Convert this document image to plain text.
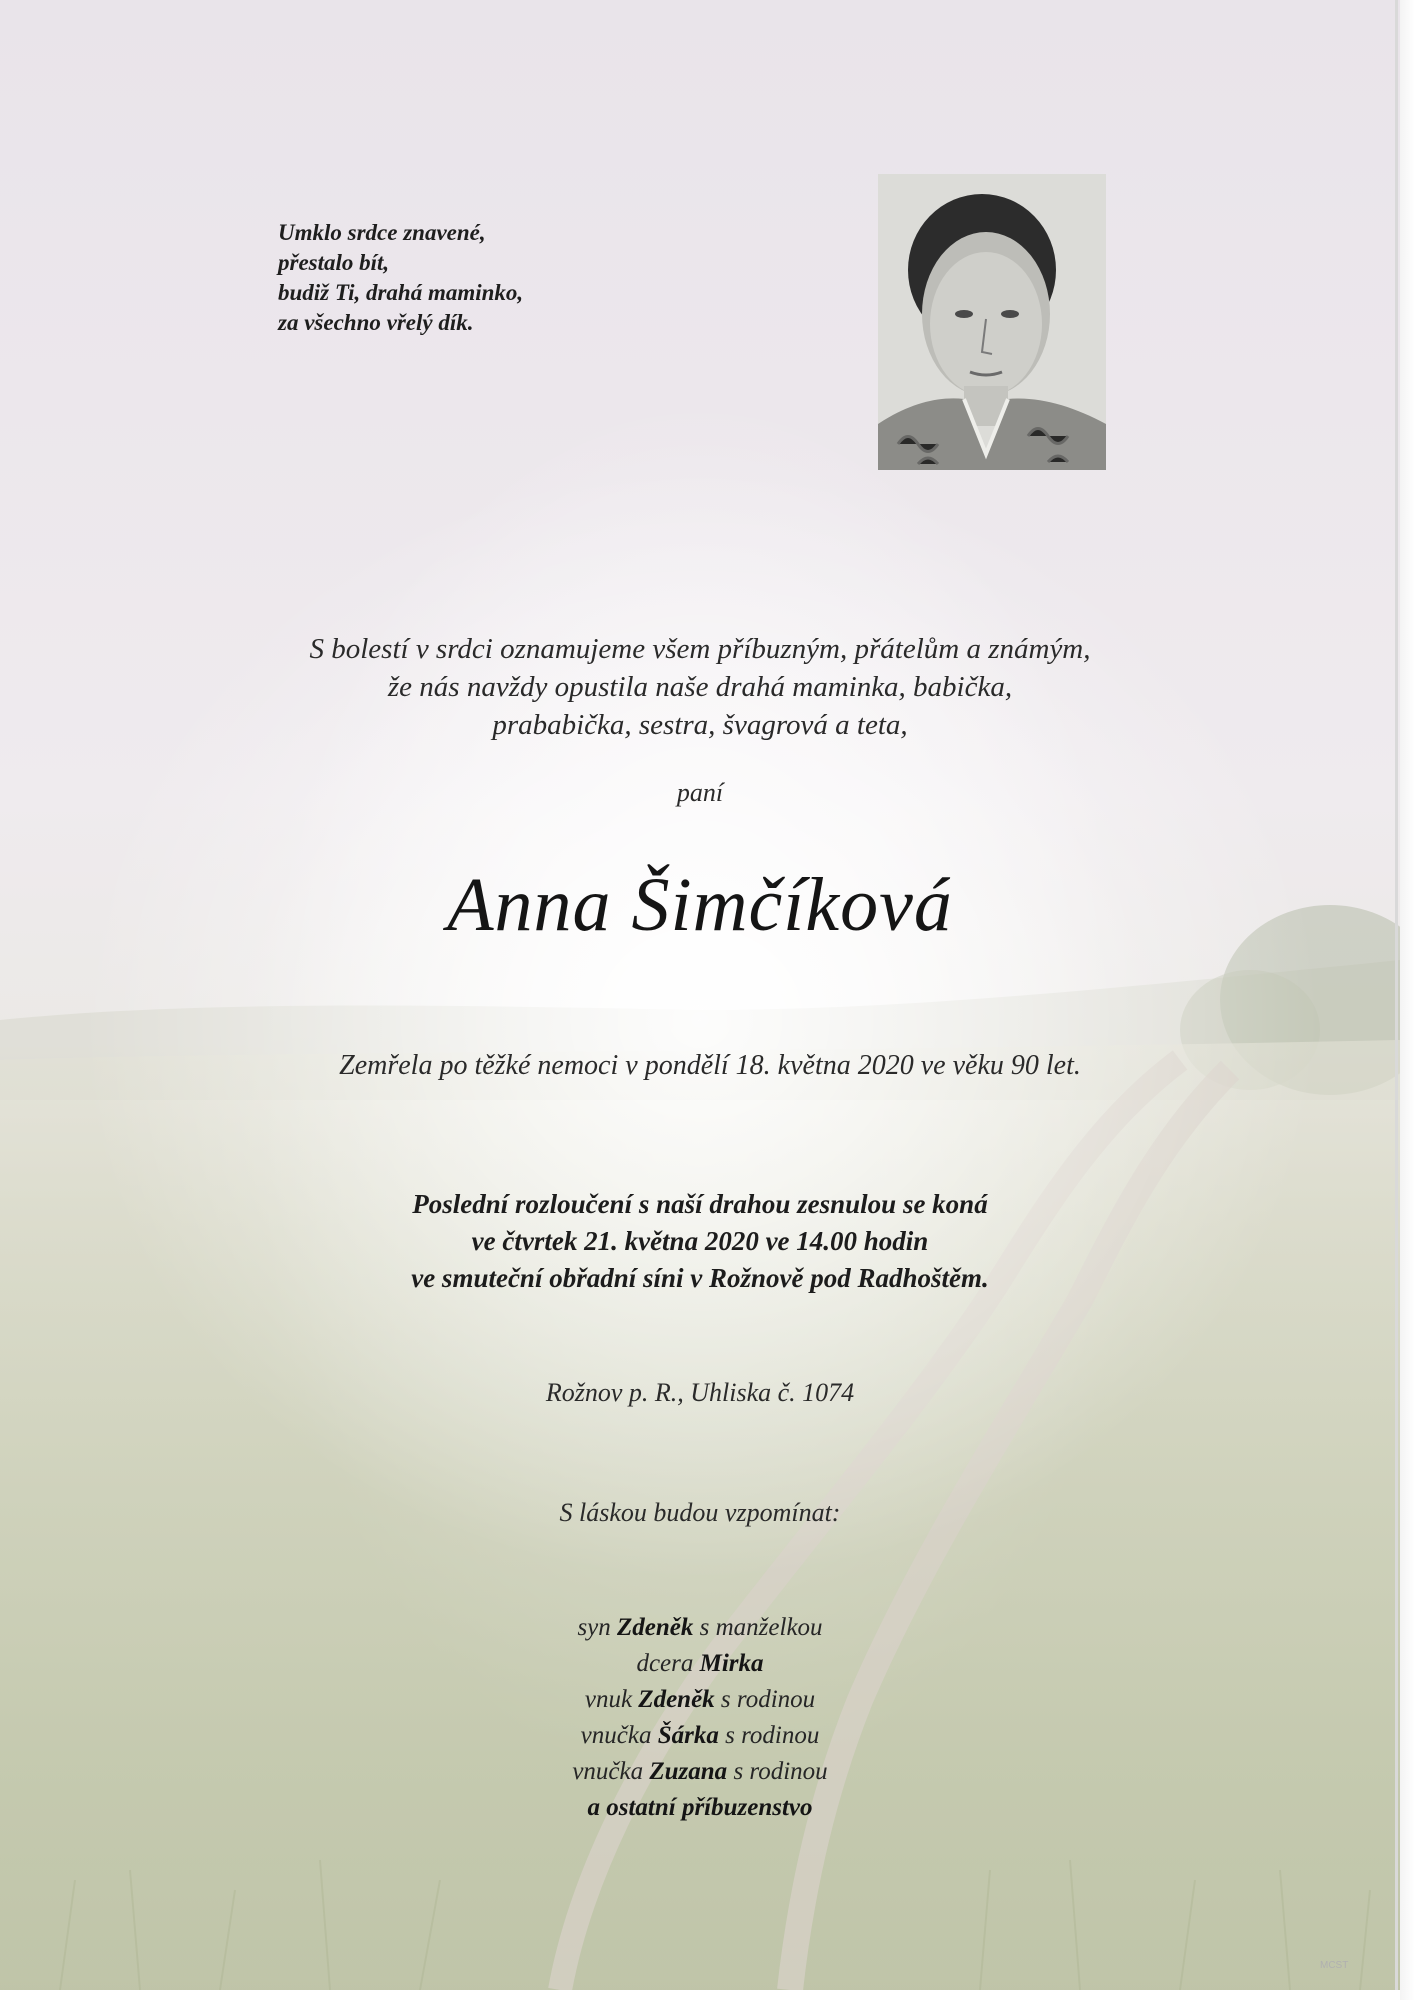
Umklo srdce znavené,
přestalo bít,
budiž Ti, drahá maminko,
za všechno vřelý dík.
S bolestí v srdci oznamujeme všem příbuzným, přátelům a známým,
že nás navždy opustila naše drahá maminka, babička,
prababička, sestra, švagrová a teta,
paní
Anna Šimčíková
Zemřela po těžké nemoci v pondělí 18. května 2020 ve věku 90 let.
Poslední rozloučení s naší drahou zesnulou se koná
ve čtvrtek 21. května 2020 ve 14.00 hodin
ve smuteční obřadní síni v Rožnově pod Radhoštěm.
Rožnov p. R., Uhliska č. 1074
S láskou budou vzpomínat:
syn Zdeněk s manželkou
dcera Mirka
vnuk Zdeněk s rodinou
vnučka Šárka s rodinou
vnučka Zuzana s rodinou
a ostatní příbuzenstvo
MCST
